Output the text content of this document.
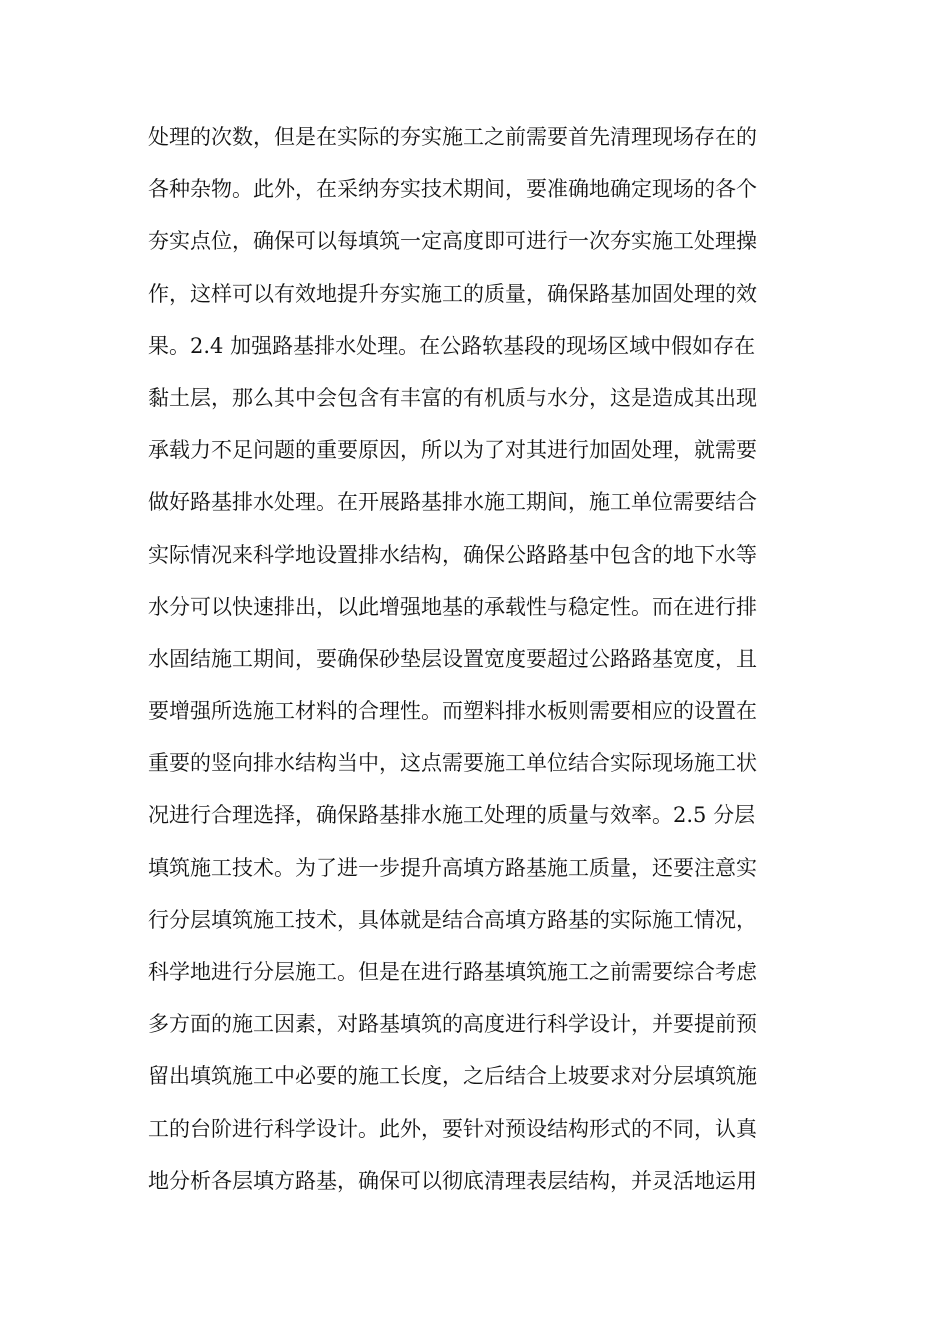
处理的次数，但是在实际的夯实施工之前需要首先清理现场存在的
各种杂物。此外，在采纳夯实技术期间，要准确地确定现场的各个
夯实点位，确保可以每填筑一定高度即可进行一次夯实施工处理操
作，这样可以有效地提升夯实施工的质量，确保路基加固处理的效
果。2.4 加强路基排水处理。在公路软基段的现场区域中假如存在
黏土层，那么其中会包含有丰富的有机质与水分，这是造成其出现
承载力不足问题的重要原因，所以为了对其进行加固处理，就需要
做好路基排水处理。在开展路基排水施工期间，施工单位需要结合
实际情况来科学地设置排水结构，确保公路路基中包含的地下水等
水分可以快速排出，以此增强地基的承载性与稳定性。而在进行排
水固结施工期间，要确保砂垫层设置宽度要超过公路路基宽度，且
要增强所选施工材料的合理性。而塑料排水板则需要相应的设置在
重要的竖向排水结构当中，这点需要施工单位结合实际现场施工状
况进行合理选择，确保路基排水施工处理的质量与效率。2.5 分层
填筑施工技术。为了进一步提升高填方路基施工质量，还要注意实
行分层填筑施工技术，具体就是结合高填方路基的实际施工情况，
科学地进行分层施工。但是在进行路基填筑施工之前需要综合考虑
多方面的施工因素，对路基填筑的高度进行科学设计，并要提前预
留出填筑施工中必要的施工长度，之后结合上坡要求对分层填筑施
工的台阶进行科学设计。此外，要针对预设结构形式的不同，认真
地分析各层填方路基，确保可以彻底清理表层结构，并灵活地运用
